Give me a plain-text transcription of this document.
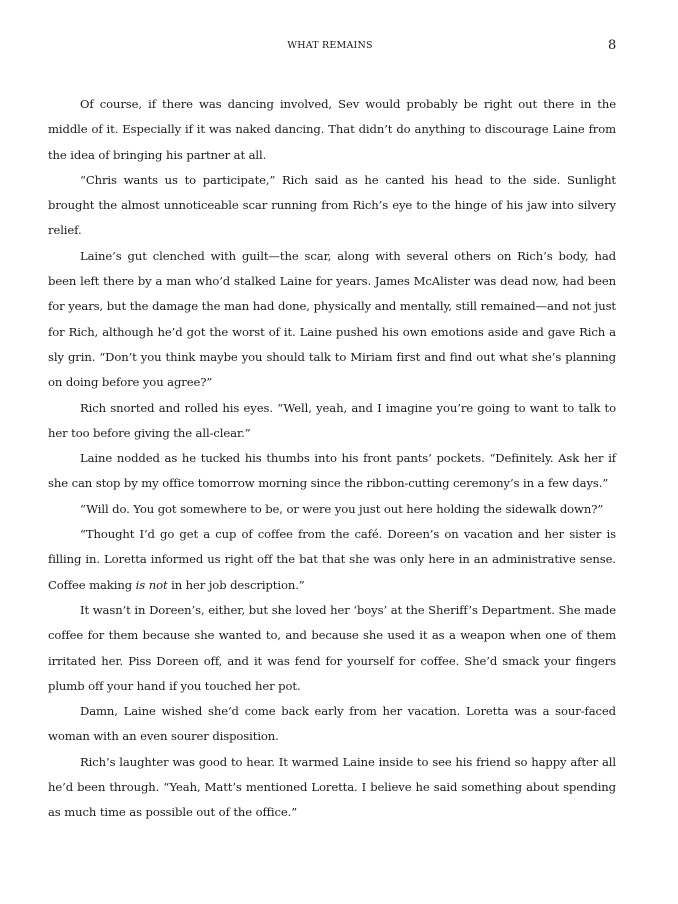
WHAT REMAINS	8

Of course, if there was dancing involved, Sev would probably be right out there in the middle of it. Especially if it was naked dancing. That didn’t do anything to discourage Laine from the idea of bringing his partner at all.

“Chris wants us to participate,” Rich said as he canted his head to the side. Sunlight brought the almost unnoticeable scar running from Rich’s eye to the hinge of his jaw into silvery relief.

Laine’s gut clenched with guilt—the scar, along with several others on Rich’s body, had been left there by a man who’d stalked Laine for years. James McAlister was dead now, had been for years, but the damage the man had done, physically and mentally, still remained—and not just for Rich, although he’d got the worst of it. Laine pushed his own emotions aside and gave Rich a sly grin. “Don’t you think maybe you should talk to Miriam first and find out what she’s planning on doing before you agree?”

Rich snorted and rolled his eyes. “Well, yeah, and I imagine you’re going to want to talk to her too before giving the all-clear.”

Laine nodded as he tucked his thumbs into his front pants’ pockets. “Definitely. Ask her if she can stop by my office tomorrow morning since the ribbon-cutting ceremony’s in a few days.”

“Will do. You got somewhere to be, or were you just out here holding the sidewalk down?”

“Thought I’d go get a cup of coffee from the café. Doreen’s on vacation and her sister is filling in. Loretta informed us right off the bat that she was only here in an administrative sense. Coffee making is not in her job description.”

It wasn’t in Doreen’s, either, but she loved her ‘boys’ at the Sheriff’s Department. She made coffee for them because she wanted to, and because she used it as a weapon when one of them irritated her. Piss Doreen off, and it was fend for yourself for coffee. She’d smack your fingers plumb off your hand if you touched her pot.

Damn, Laine wished she’d come back early from her vacation. Loretta was a sour-faced woman with an even sourer disposition.

Rich’s laughter was good to hear. It warmed Laine inside to see his friend so happy after all he’d been through. “Yeah, Matt’s mentioned Loretta. I believe he said something about spending as much time as possible out of the office.”
